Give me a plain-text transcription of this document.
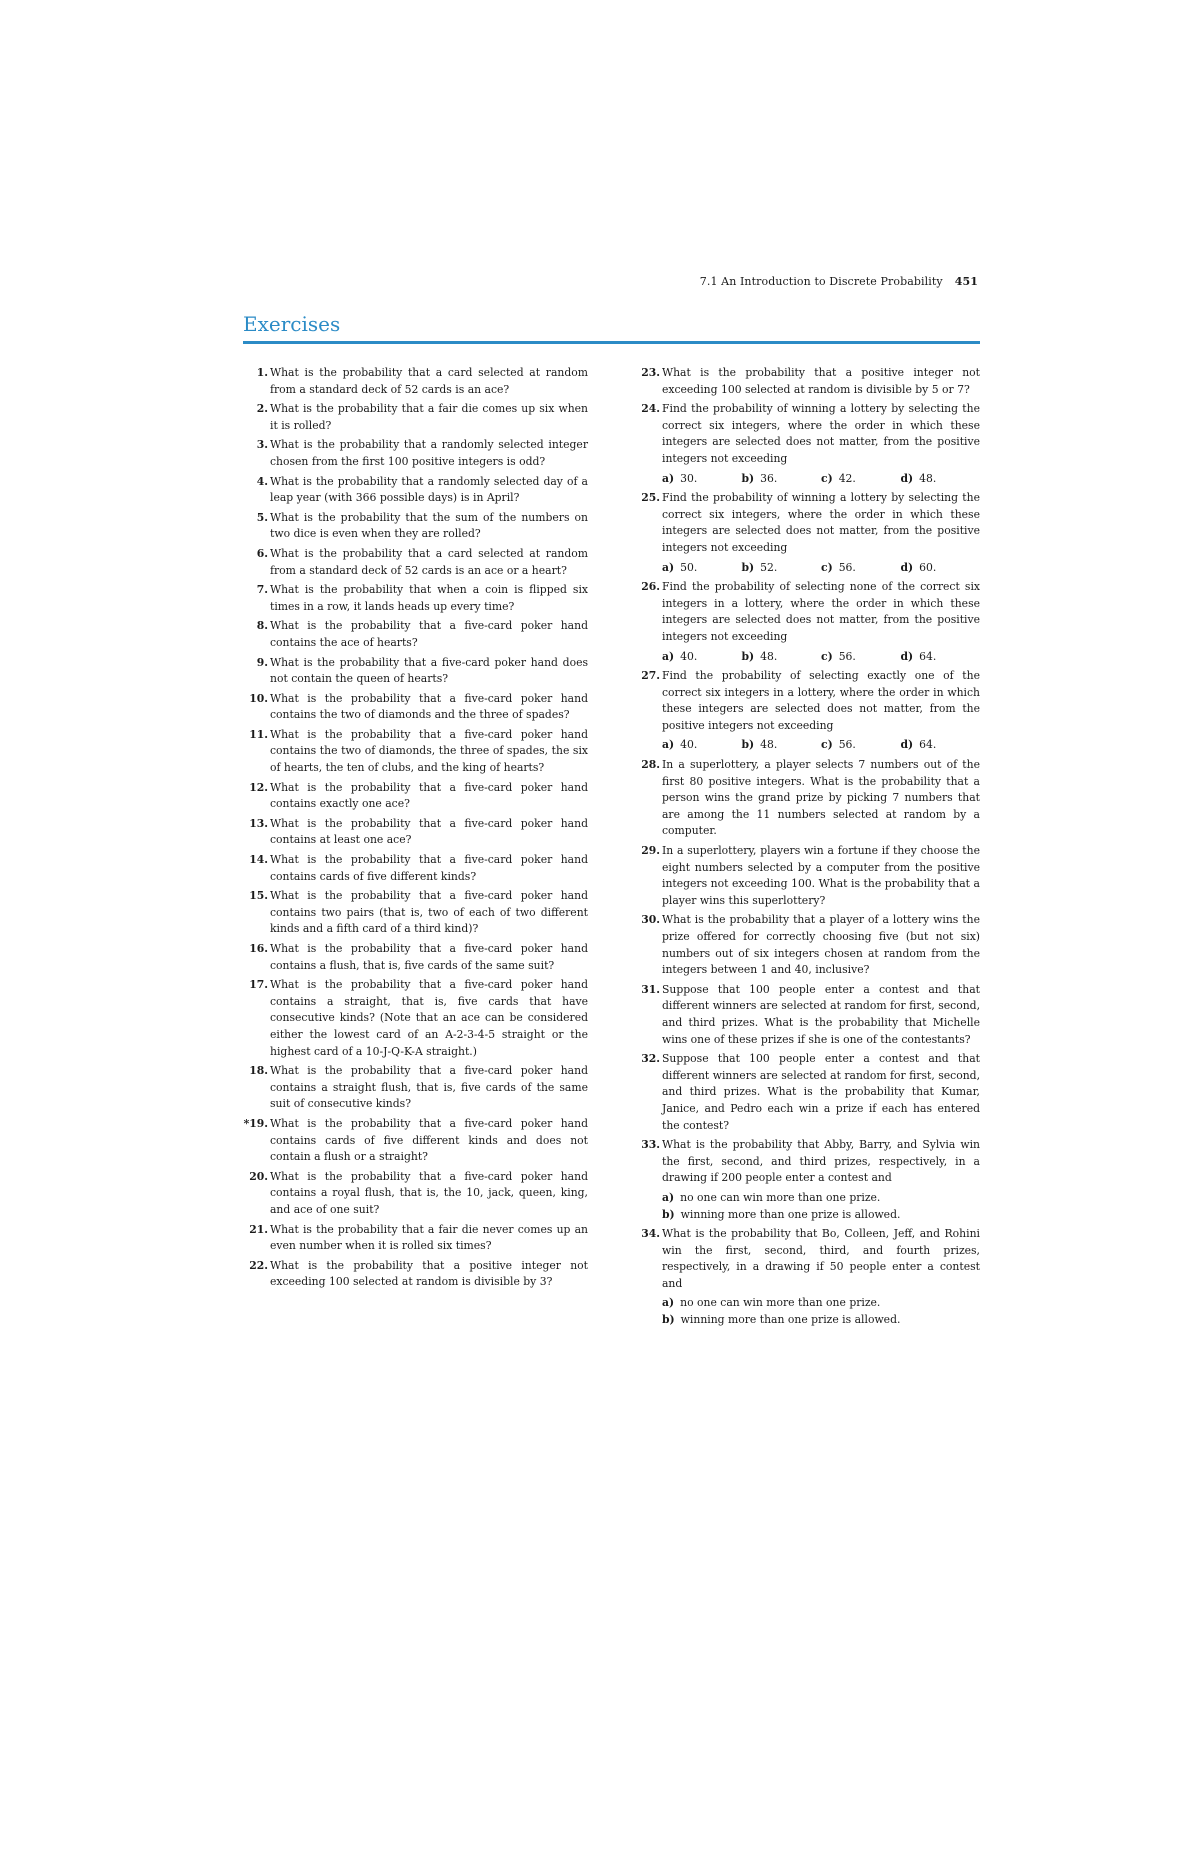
7.1 An Introduction to Discrete Probability 451
Exercises
1. What is the probability that a card selected at random from a standard deck of 52 cards is an ace?
2. What is the probability that a fair die comes up six when it is rolled?
3. What is the probability that a randomly selected integer chosen from the first 100 positive integers is odd?
4. What is the probability that a randomly selected day of a leap year (with 366 possible days) is in April?
5. What is the probability that the sum of the numbers on two dice is even when they are rolled?
6. What is the probability that a card selected at random from a standard deck of 52 cards is an ace or a heart?
7. What is the probability that when a coin is flipped six times in a row, it lands heads up every time?
8. What is the probability that a five-card poker hand contains the ace of hearts?
9. What is the probability that a five-card poker hand does not contain the queen of hearts?
10. What is the probability that a five-card poker hand contains the two of diamonds and the three of spades?
11. What is the probability that a five-card poker hand contains the two of diamonds, the three of spades, the six of hearts, the ten of clubs, and the king of hearts?
12. What is the probability that a five-card poker hand contains exactly one ace?
13. What is the probability that a five-card poker hand contains at least one ace?
14. What is the probability that a five-card poker hand contains cards of five different kinds?
15. What is the probability that a five-card poker hand contains two pairs (that is, two of each of two different kinds and a fifth card of a third kind)?
16. What is the probability that a five-card poker hand contains a flush, that is, five cards of the same suit?
17. What is the probability that a five-card poker hand contains a straight, that is, five cards that have consecutive kinds? (Note that an ace can be considered either the lowest card of an A-2-3-4-5 straight or the highest card of a 10-J-Q-K-A straight.)
18. What is the probability that a five-card poker hand contains a straight flush, that is, five cards of the same suit of consecutive kinds?
*19. What is the probability that a five-card poker hand contains cards of five different kinds and does not contain a flush or a straight?
20. What is the probability that a five-card poker hand contains a royal flush, that is, the 10, jack, queen, king, and ace of one suit?
21. What is the probability that a fair die never comes up an even number when it is rolled six times?
22. What is the probability that a positive integer not exceeding 100 selected at random is divisible by 3?
23. What is the probability that a positive integer not exceeding 100 selected at random is divisible by 5 or 7?
24. Find the probability of winning a lottery by selecting the correct six integers, where the order in which these integers are selected does not matter, from the positive integers not exceeding
a) 30.	b) 36.	c) 42.	d) 48.
25. Find the probability of winning a lottery by selecting the correct six integers, where the order in which these integers are selected does not matter, from the positive integers not exceeding
a) 50.	b) 52.	c) 56.	d) 60.
26. Find the probability of selecting none of the correct six integers in a lottery, where the order in which these integers are selected does not matter, from the positive integers not exceeding
a) 40.	b) 48.	c) 56.	d) 64.
27. Find the probability of selecting exactly one of the correct six integers in a lottery, where the order in which these integers are selected does not matter, from the positive integers not exceeding
a) 40.	b) 48.	c) 56.	d) 64.
28. In a superlottery, a player selects 7 numbers out of the first 80 positive integers. What is the probability that a person wins the grand prize by picking 7 numbers that are among the 11 numbers selected at random by a computer.
29. In a superlottery, players win a fortune if they choose the eight numbers selected by a computer from the positive integers not exceeding 100. What is the probability that a player wins this superlottery?
30. What is the probability that a player of a lottery wins the prize offered for correctly choosing five (but not six) numbers out of six integers chosen at random from the integers between 1 and 40, inclusive?
31. Suppose that 100 people enter a contest and that different winners are selected at random for first, second, and third prizes. What is the probability that Michelle wins one of these prizes if she is one of the contestants?
32. Suppose that 100 people enter a contest and that different winners are selected at random for first, second, and third prizes. What is the probability that Kumar, Janice, and Pedro each win a prize if each has entered the contest?
33. What is the probability that Abby, Barry, and Sylvia win the first, second, and third prizes, respectively, in a drawing if 200 people enter a contest and
a) no one can win more than one prize.
b) winning more than one prize is allowed.
34. What is the probability that Bo, Colleen, Jeff, and Rohini win the first, second, third, and fourth prizes, respectively, in a drawing if 50 people enter a contest and
a) no one can win more than one prize.
b) winning more than one prize is allowed.
